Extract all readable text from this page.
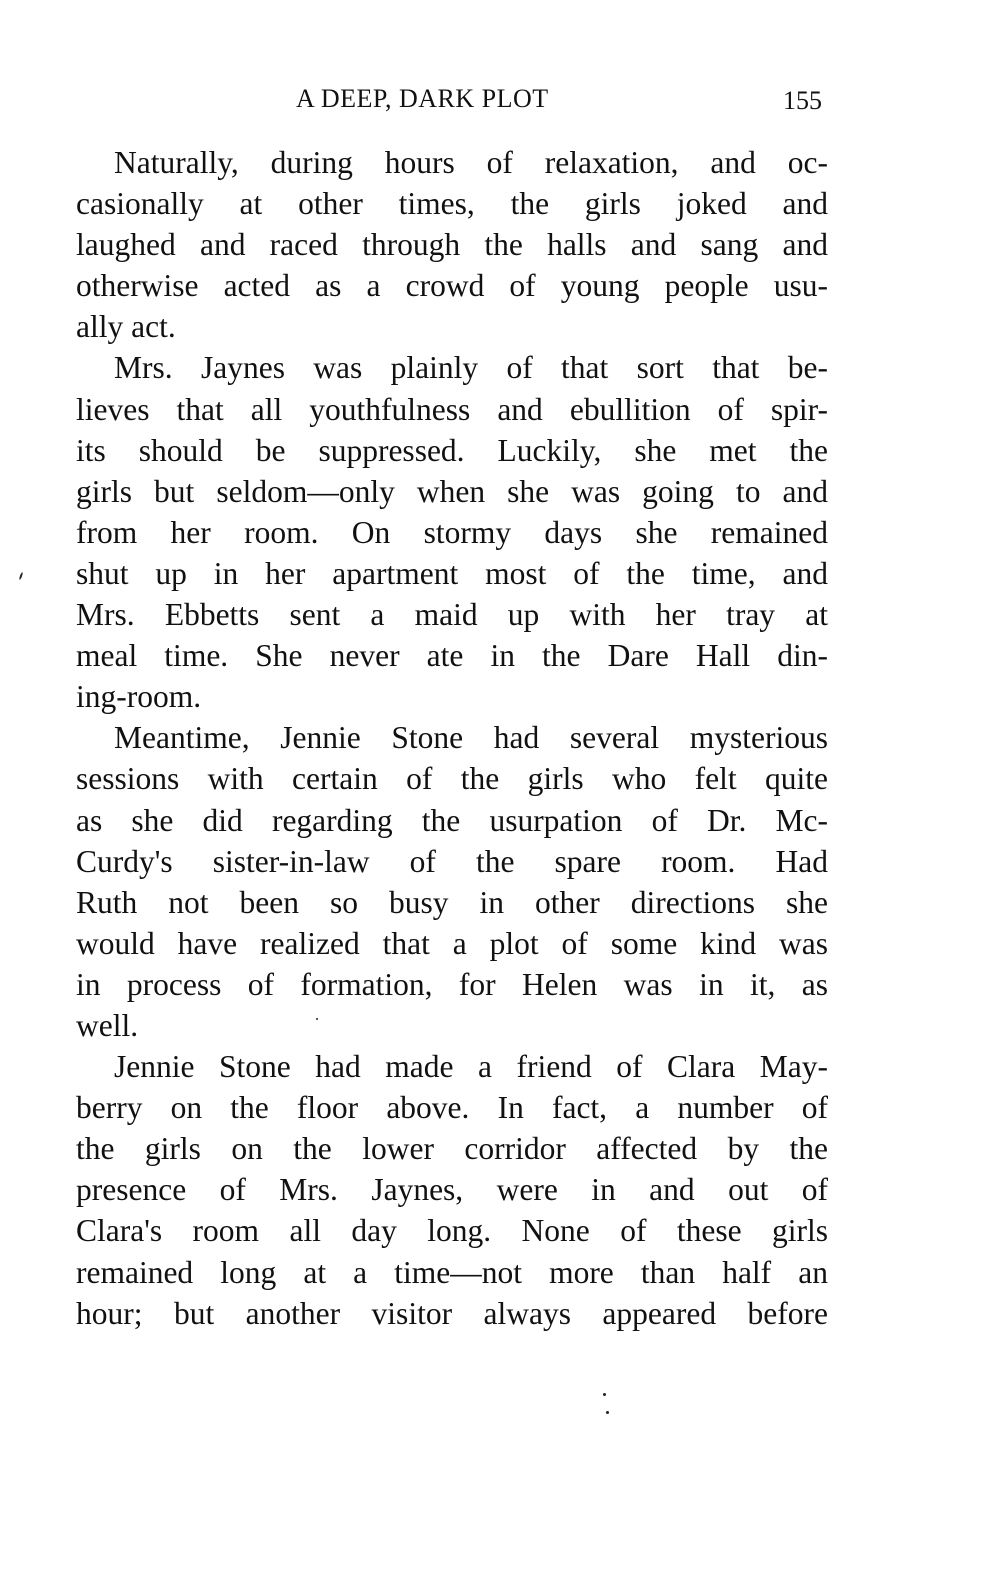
A DEEP, DARK PLOT	155
Naturally, during hours of relaxation, and oc-
casionally at other times, the girls joked and
laughed and raced through the halls and sang and
otherwise acted as a crowd of young people usu-
ally act.
Mrs. Jaynes was plainly of that sort that be-
lieves that all youthfulness and ebullition of spir-
its should be suppressed. Luckily, she met the
girls but seldom—only when she was going to and
from her room. On stormy days she remained
shut up in her apartment most of the time, and
Mrs. Ebbetts sent a maid up with her tray at
meal time. She never ate in the Dare Hall din-
ing-room.
Meantime, Jennie Stone had several mysterious
sessions with certain of the girls who felt quite
as she did regarding the usurpation of Dr. Mc-
Curdy's sister-in-law of the spare room. Had
Ruth not been so busy in other directions she
would have realized that a plot of some kind was
in process of formation, for Helen was in it, as
well.
Jennie Stone had made a friend of Clara May-
berry on the floor above. In fact, a number of
the girls on the lower corridor affected by the
presence of Mrs. Jaynes, were in and out of
Clara's room all day long. None of these girls
remained long at a time—not more than half an
hour; but another visitor always appeared before
